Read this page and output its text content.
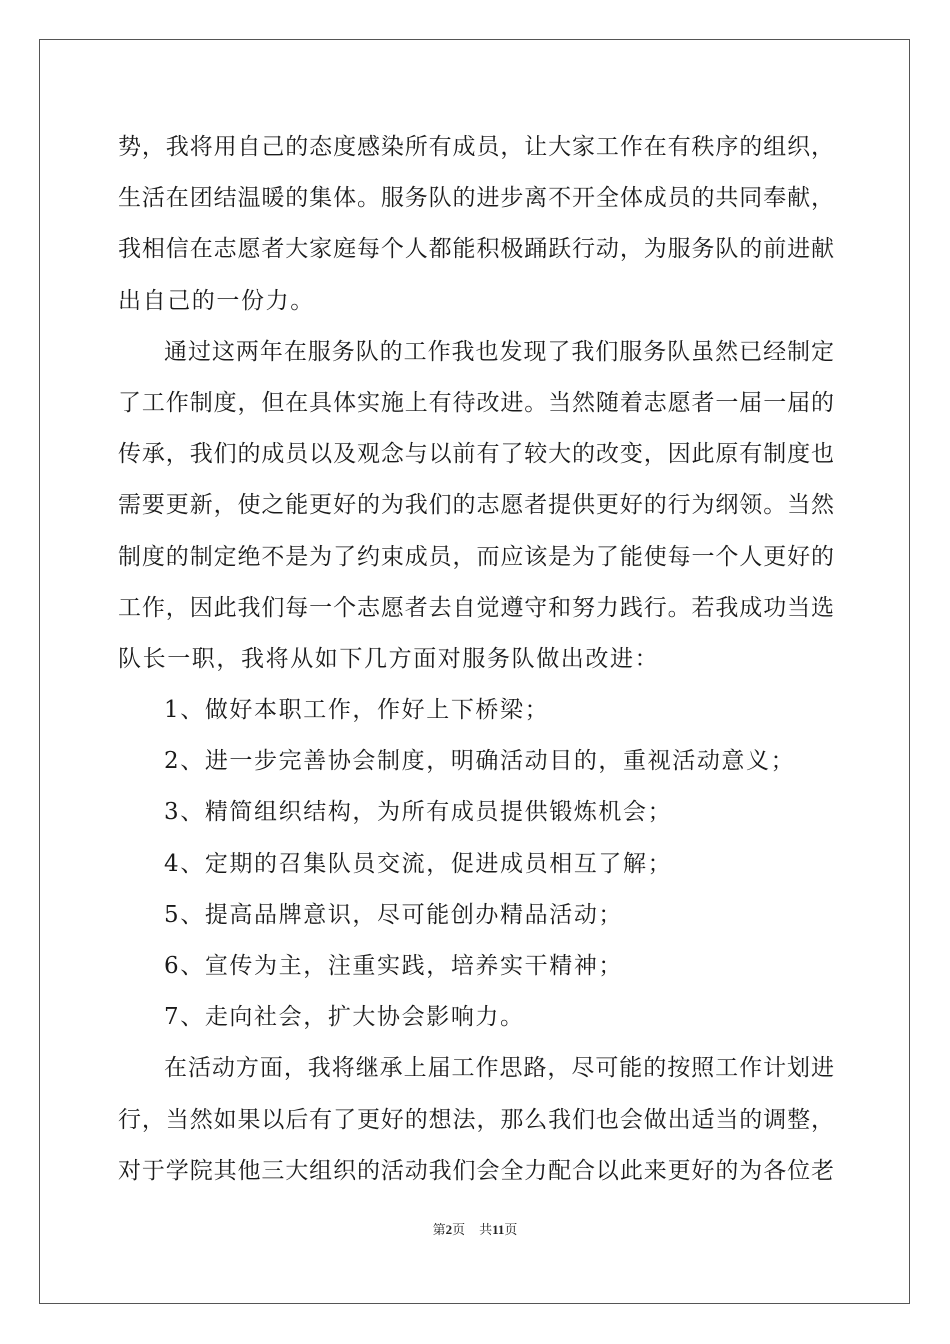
势，我将用自己的态度感染所有成员，让大家工作在有秩序的组织，
生活在团结温暖的集体。服务队的进步离不开全体成员的共同奉献，
我相信在志愿者大家庭每个人都能积极踊跃行动，为服务队的前进献
出自己的一份力。
通过这两年在服务队的工作我也发现了我们服务队虽然已经制定
了工作制度，但在具体实施上有待改进。当然随着志愿者一届一届的
传承，我们的成员以及观念与以前有了较大的改变，因此原有制度也
需要更新，使之能更好的为我们的志愿者提供更好的行为纲领。当然
制度的制定绝不是为了约束成员，而应该是为了能使每一个人更好的
工作，因此我们每一个志愿者去自觉遵守和努力践行。若我成功当选
队长一职，我将从如下几方面对服务队做出改进：
1、做好本职工作，作好上下桥梁；
2、进一步完善协会制度，明确活动目的，重视活动意义；
3、精简组织结构，为所有成员提供锻炼机会；
4、定期的召集队员交流，促进成员相互了解；
5、提高品牌意识，尽可能创办精品活动；
6、宣传为主，注重实践，培养实干精神；
7、走向社会，扩大协会影响力。
在活动方面，我将继承上届工作思路，尽可能的按照工作计划进
行，当然如果以后有了更好的想法，那么我们也会做出适当的调整，
对于学院其他三大组织的活动我们会全力配合以此来更好的为各位老
第2页 共11页
